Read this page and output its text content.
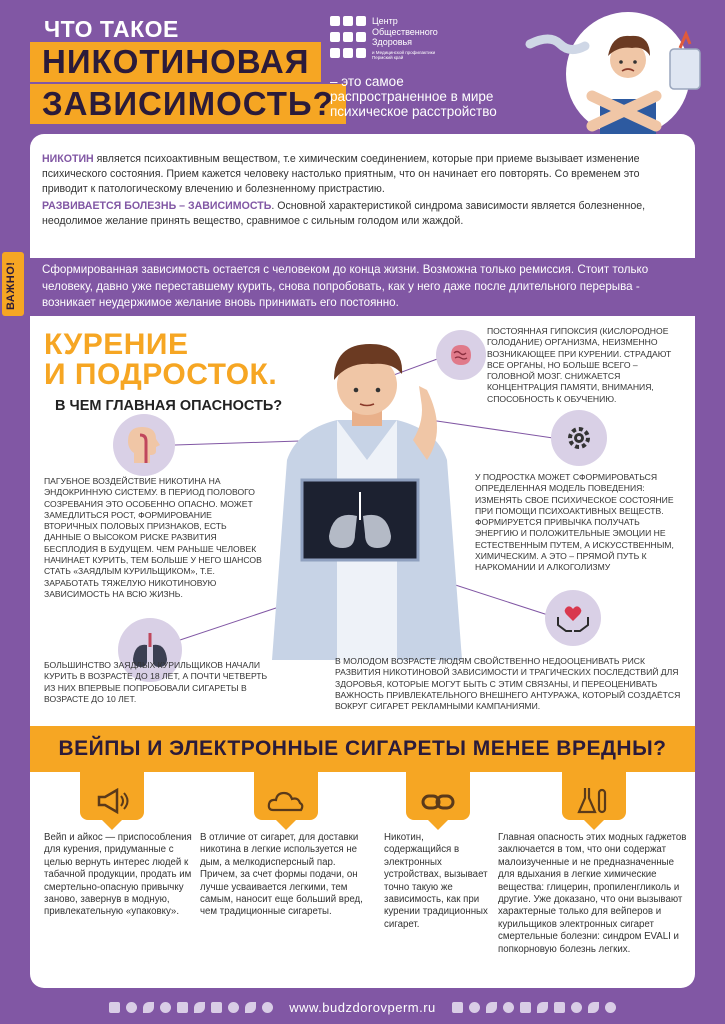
ЧТО ТАКОЕ
НИКОТИНОВАЯ
ЗАВИСИМОСТЬ?
Центр
Общественного
Здоровья
и Медицинской профилактики Пермский край
– это самое распространенное в мире психическое расстройство

НИКОТИН является психоактивным веществом, т.е химическим соединением, которые при приеме вызывает изменение психического состояния. Прием кажется человеку настолько приятным, что он начинает его повторять. Со временем это приводит к патологическому влечению и болезненному пристрастию.

РАЗВИВАЕТСЯ БОЛЕЗНЬ – ЗАВИСИМОСТЬ. Основной характеристикой синдрома зависимости является болезненное, неодолимое желание принять вещество, сравнимое с сильным голодом или жаждой.

ВАЖНО!	Сформированная зависимость остается с человеком до конца жизни. Возможна только ремиссия. Стоит только человеку, давно уже переставшему курить, снова попробовать, как у него даже после длительного перерыва - возникает неудержимое желание вновь принимать его постоянно.
КУРЕНИЕ
И ПОДРОСТОК.
В ЧЕМ ГЛАВНАЯ ОПАСНОСТЬ?
ПОСТОЯННАЯ ГИПОКСИЯ (КИСЛОРОДНОЕ ГОЛОДАНИЕ) ОРГАНИЗМА, НЕИЗМЕННО ВОЗНИКАЮЩЕЕ ПРИ КУРЕНИИ. СТРАДАЮТ ВСЕ ОРГАНЫ, НО БОЛЬШЕ ВСЕГО – ГОЛОВНОЙ МОЗГ. СНИЖАЕТСЯ КОНЦЕНТРАЦИЯ ПАМЯТИ, ВНИМАНИЯ, СПОСОБНОСТЬ К ОБУЧЕНИЮ.
ПАГУБНОЕ ВОЗДЕЙСТВИЕ НИКОТИНА НА ЭНДОКРИННУЮ СИСТЕМУ. В ПЕРИОД ПОЛОВОГО СОЗРЕВАНИЯ ЭТО ОСОБЕННО ОПАСНО. МОЖЕТ ЗАМЕДЛИТЬСЯ РОСТ, ФОРМИРОВАНИЕ ВТОРИЧНЫХ ПОЛОВЫХ ПРИЗНАКОВ, ЕСТЬ ДАННЫЕ О ВЫСОКОМ РИСКЕ РАЗВИТИЯ БЕСПЛОДИЯ В БУДУЩЕМ. ЧЕМ РАНЬШЕ ЧЕЛОВЕК НАЧИНАЕТ КУРИТЬ, ТЕМ БОЛЬШЕ У НЕГО ШАНСОВ СТАТЬ «ЗАЯДЛЫМ КУРИЛЬЩИКОМ», Т.Е. ЗАРАБОТАТЬ ТЯЖЕЛУЮ НИКОТИНОВУЮ ЗАВИСИМОСТЬ НА ВСЮ ЖИЗНЬ.
У ПОДРОСТКА МОЖЕТ СФОРМИРОВАТЬСЯ ОПРЕДЕЛЕННАЯ МОДЕЛЬ ПОВЕДЕНИЯ: ИЗМЕНЯТЬ СВОЕ ПСИХИЧЕСКОЕ СОСТОЯНИЕ ПРИ ПОМОЩИ ПСИХОАКТИВНЫХ ВЕЩЕСТВ. ФОРМИРУЕТСЯ ПРИВЫЧКА ПОЛУЧАТЬ ЭНЕРГИЮ И ПОЛОЖИТЕЛЬНЫЕ ЭМОЦИИ НЕ ЕСТЕСТВЕННЫМ ПУТЕМ, А ИСКУССТВЕННЫМ, ХИМИЧЕСКИМ. А ЭТО – ПРЯМОЙ ПУТЬ К НАРКОМАНИИ И АЛКОГОЛИЗМУ
БОЛЬШИНСТВО ЗАЯДЛЫХ КУРИЛЬЩИКОВ НАЧАЛИ КУРИТЬ В ВОЗРАСТЕ ДО 18 ЛЕТ, А ПОЧТИ ЧЕТВЕРТЬ ИЗ НИХ ВПЕРВЫЕ ПОПРОБОВАЛИ СИГАРЕТЫ В ВОЗРАСТЕ ДО 10 ЛЕТ.
В МОЛОДОМ ВОЗРАСТЕ ЛЮДЯМ СВОЙСТВЕННО НЕДООЦЕНИВАТЬ РИСК РАЗВИТИЯ НИКОТИНОВОЙ ЗАВИСИМОСТИ И ТРАГИЧЕСКИХ ПОСЛЕДСТВИЙ ДЛЯ ЗДОРОВЬЯ, КОТОРЫЕ МОГУТ БЫТЬ С ЭТИМ СВЯЗАНЫ, И ПЕРЕОЦЕНИВАТЬ ВАЖНОСТЬ ПРИВЛЕКАТЕЛЬНОГО ВНЕШНЕГО АНТУРАЖА, КОТОРЫЙ СОЗДАЁТСЯ ВОКРУГ СИГАРЕТ РЕКЛАМНЫМИ КАМПАНИЯМИ.
ВЕЙПЫ И ЭЛЕКТРОННЫЕ СИГАРЕТЫ МЕНЕЕ ВРЕДНЫ?
Вейп и айкос — приспособления для курения, придуманные с целью вернуть интерес людей к табачной продукции, продать им смертельно-опасную привычку заново, завернув в модную, привлекательную «упаковку».
В отличие от сигарет, для доставки никотина в легкие используется не дым, а мелкодисперсный пар. Причем, за счет формы подачи, он лучше усваивается легкими, тем самым, наносит еще больший вред, чем традиционные сигареты.
Никотин, содержащийся в электронных устройствах, вызывает точно такую же зависимость, как при курении традиционных сигарет.
Главная опасность этих модных гаджетов заключается в том, что они содержат малоизученные и не предназначенные для вдыхания в легкие химические вещества: глицерин, пропиленгликоль и другие. Уже доказано, что они вызывают характерные только для вейперов и курильщиков электронных сигарет смертельные болезни: синдром EVALI и попкорновую болезнь легких.
www.budzdorovperm.ru
